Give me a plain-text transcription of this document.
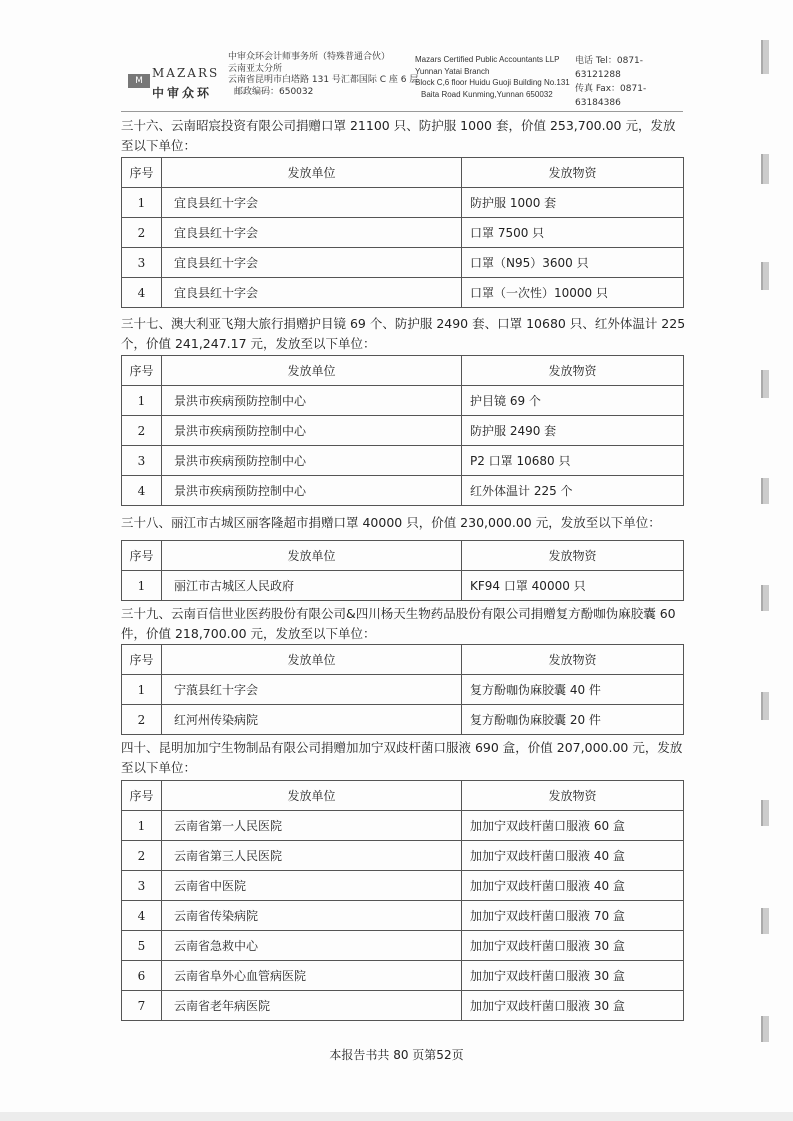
M
MAZARS
中审众环
中审众环会计师事务所（特殊普通合伙）
云南亚太分所
云南省昆明市白塔路 131 号汇都国际 C 座 6 层
邮政编码：650032
Mazars Certified Public Accountants LLP
Yunnan Yatai Branch
Block C,6 floor Huidu Guoji Building No.131
Baita Road Kunming,Yunnan 650032
电话 Tel：0871-63121288
传真 Fax：0871-63184386
三十六、云南昭宸投资有限公司捐赠口罩 21100 只、防护服 1000 套，价值 253,700.00 元，发放至以下单位：
序号	发放单位	发放物资
1	宜良县红十字会	防护服 1000 套
2	宜良县红十字会	口罩 7500 只
3	宜良县红十字会	口罩（N95）3600 只
4	宜良县红十字会	口罩（一次性）10000 只
三十七、澳大利亚飞翔大旅行捐赠护目镜 69 个、防护服 2490 套、口罩 10680 只、红外体温计 225 个，价值 241,247.17 元，发放至以下单位：
序号	发放单位	发放物资
1	景洪市疾病预防控制中心	护目镜 69 个
2	景洪市疾病预防控制中心	防护服 2490 套
3	景洪市疾病预防控制中心	P2 口罩 10680 只
4	景洪市疾病预防控制中心	红外体温计 225 个
三十八、丽江市古城区丽客隆超市捐赠口罩 40000 只，价值 230,000.00 元，发放至以下单位：
序号	发放单位	发放物资
1	丽江市古城区人民政府	KF94 口罩 40000 只
三十九、云南百信世业医药股份有限公司&四川杨天生物药品股份有限公司捐赠复方酚咖伪麻胶囊 60 件，价值 218,700.00 元，发放至以下单位：
序号	发放单位	发放物资
1	宁蒗县红十字会	复方酚咖伪麻胶囊 40 件
2	红河州传染病院	复方酚咖伪麻胶囊 20 件
四十、昆明加加宁生物制品有限公司捐赠加加宁双歧杆菌口服液 690 盒，价值 207,000.00 元，发放至以下单位：
序号	发放单位	发放物资
1	云南省第一人民医院	加加宁双歧杆菌口服液 60 盒
2	云南省第三人民医院	加加宁双歧杆菌口服液 40 盒
3	云南省中医院	加加宁双歧杆菌口服液 40 盒
4	云南省传染病院	加加宁双歧杆菌口服液 70 盒
5	云南省急救中心	加加宁双歧杆菌口服液 30 盒
6	云南省阜外心血管病医院	加加宁双歧杆菌口服液 30 盒
7	云南省老年病医院	加加宁双歧杆菌口服液 30 盒
本报告书共 80 页第52页
